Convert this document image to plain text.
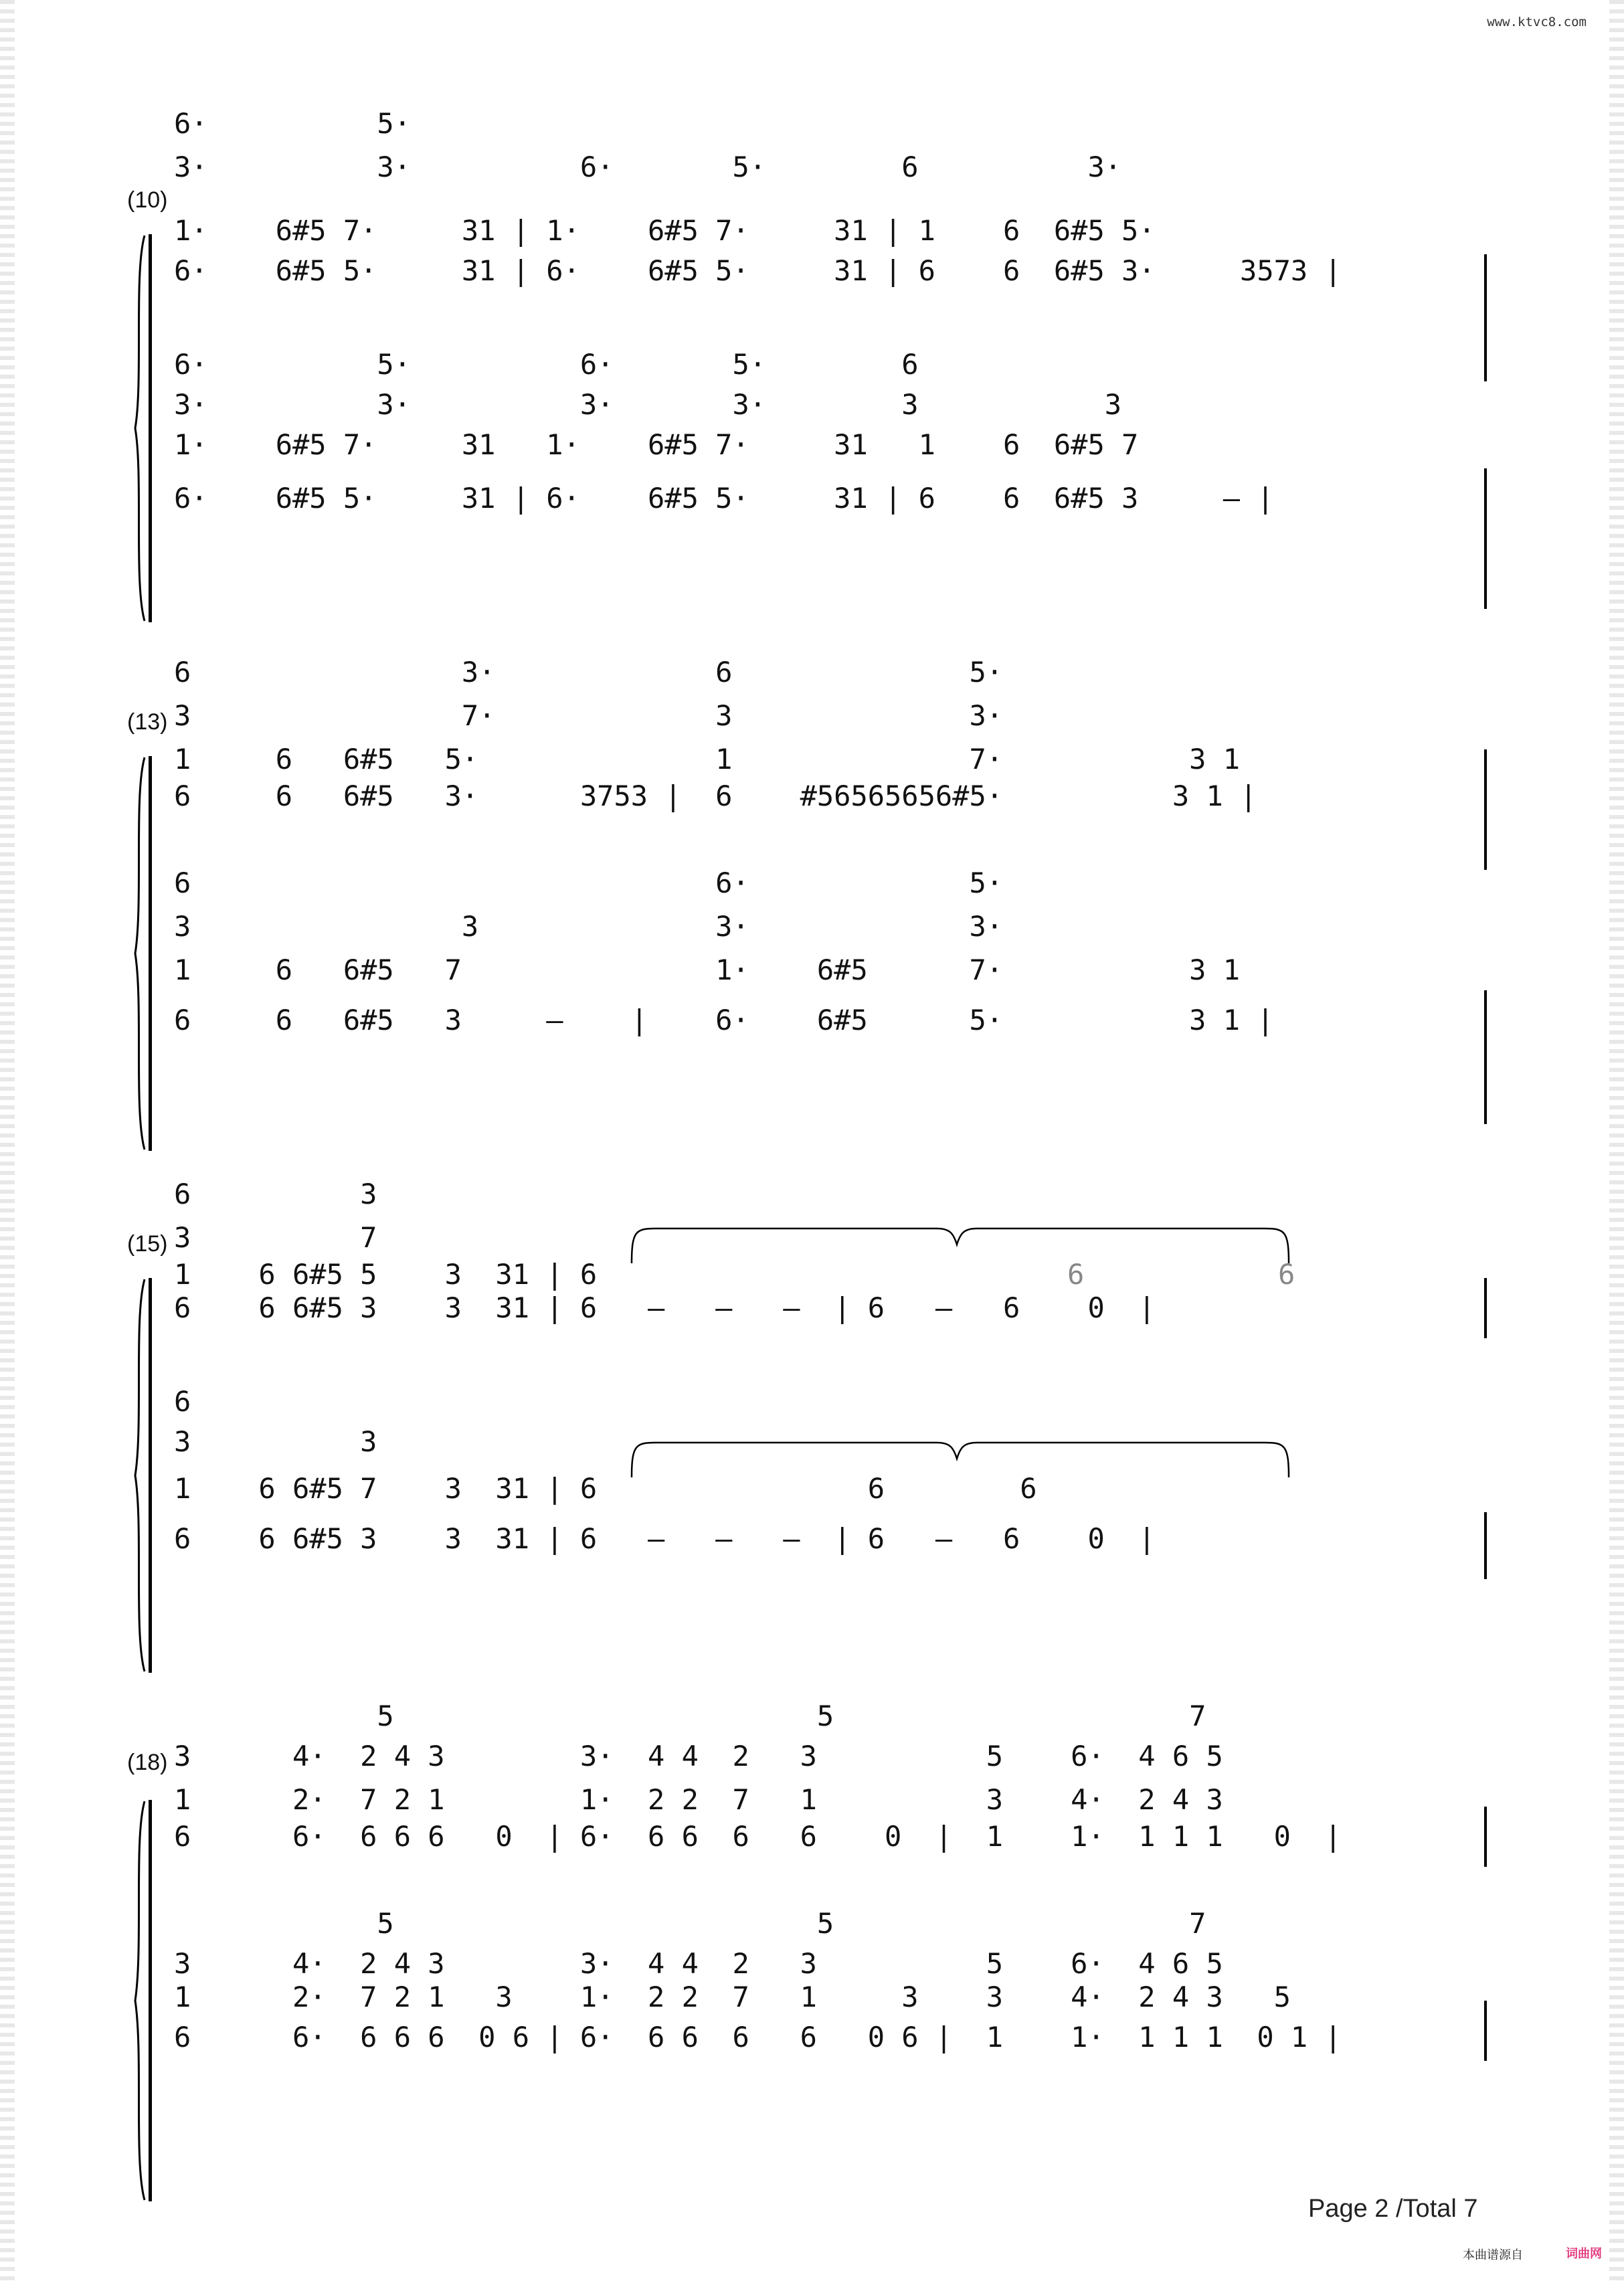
www.ktvc8.com
(10)
6·          5·
3·          3·          6·       5·        6          3·
1·    6#5 7·     31 | 1·    6#5 7·     31 | 1    6  6#5 5·
6·    6#5 5·     31 | 6·    6#5 5·     31 | 6    6  6#5 3·     3573 |
6·          5·          6·       5·        6
3·          3·          3·       3·        3           3
1·    6#5 7·     31   1·    6#5 7·     31   1    6  6#5 7
6·    6#5 5·     31 | 6·    6#5 5·     31 | 6    6  6#5 3     – |
(13)
6                3·             6              5·
3                7·             3              3·
1     6   6#5   5·              1              7·           3 1
6     6   6#5   3·      3753 |  6    #56565656#5·          3 1 |
6                               6·             5·
3                3              3·             3·
1     6   6#5   7               1·    6#5      7·           3 1
6     6   6#5   3     –    |    6·    6#5      5·           3 1 |
(15)
6          3
3          7
1    6 6#5 5    3  31 | 6
6    6 6#5 3    3  31 | 6   –   –   –  | 6   –   6    0  |
6	6
6
3          3
1    6 6#5 7    3  31 | 6                6        6
6    6 6#5 3    3  31 | 6   –   –   –  | 6   –   6    0  |
(18)
5                         5                     7
3      4·  2 4 3        3·  4 4  2   3          5    6·  4 6 5
1      2·  7 2 1        1·  2 2  7   1          3    4·  2 4 3
6      6·  6 6 6   0  | 6·  6 6  6   6    0  |  1    1·  1 1 1   0  |
5                         5                     7
3      4·  2 4 3        3·  4 4  2   3          5    6·  4 6 5
1      2·  7 2 1   3    1·  2 2  7   1     3    3    4·  2 4 3   5
6      6·  6 6 6  0 6 | 6·  6 6  6   6   0 6 |  1    1·  1 1 1  0 1 |
Page 2 /Total 7
本曲谱源自	词曲网
